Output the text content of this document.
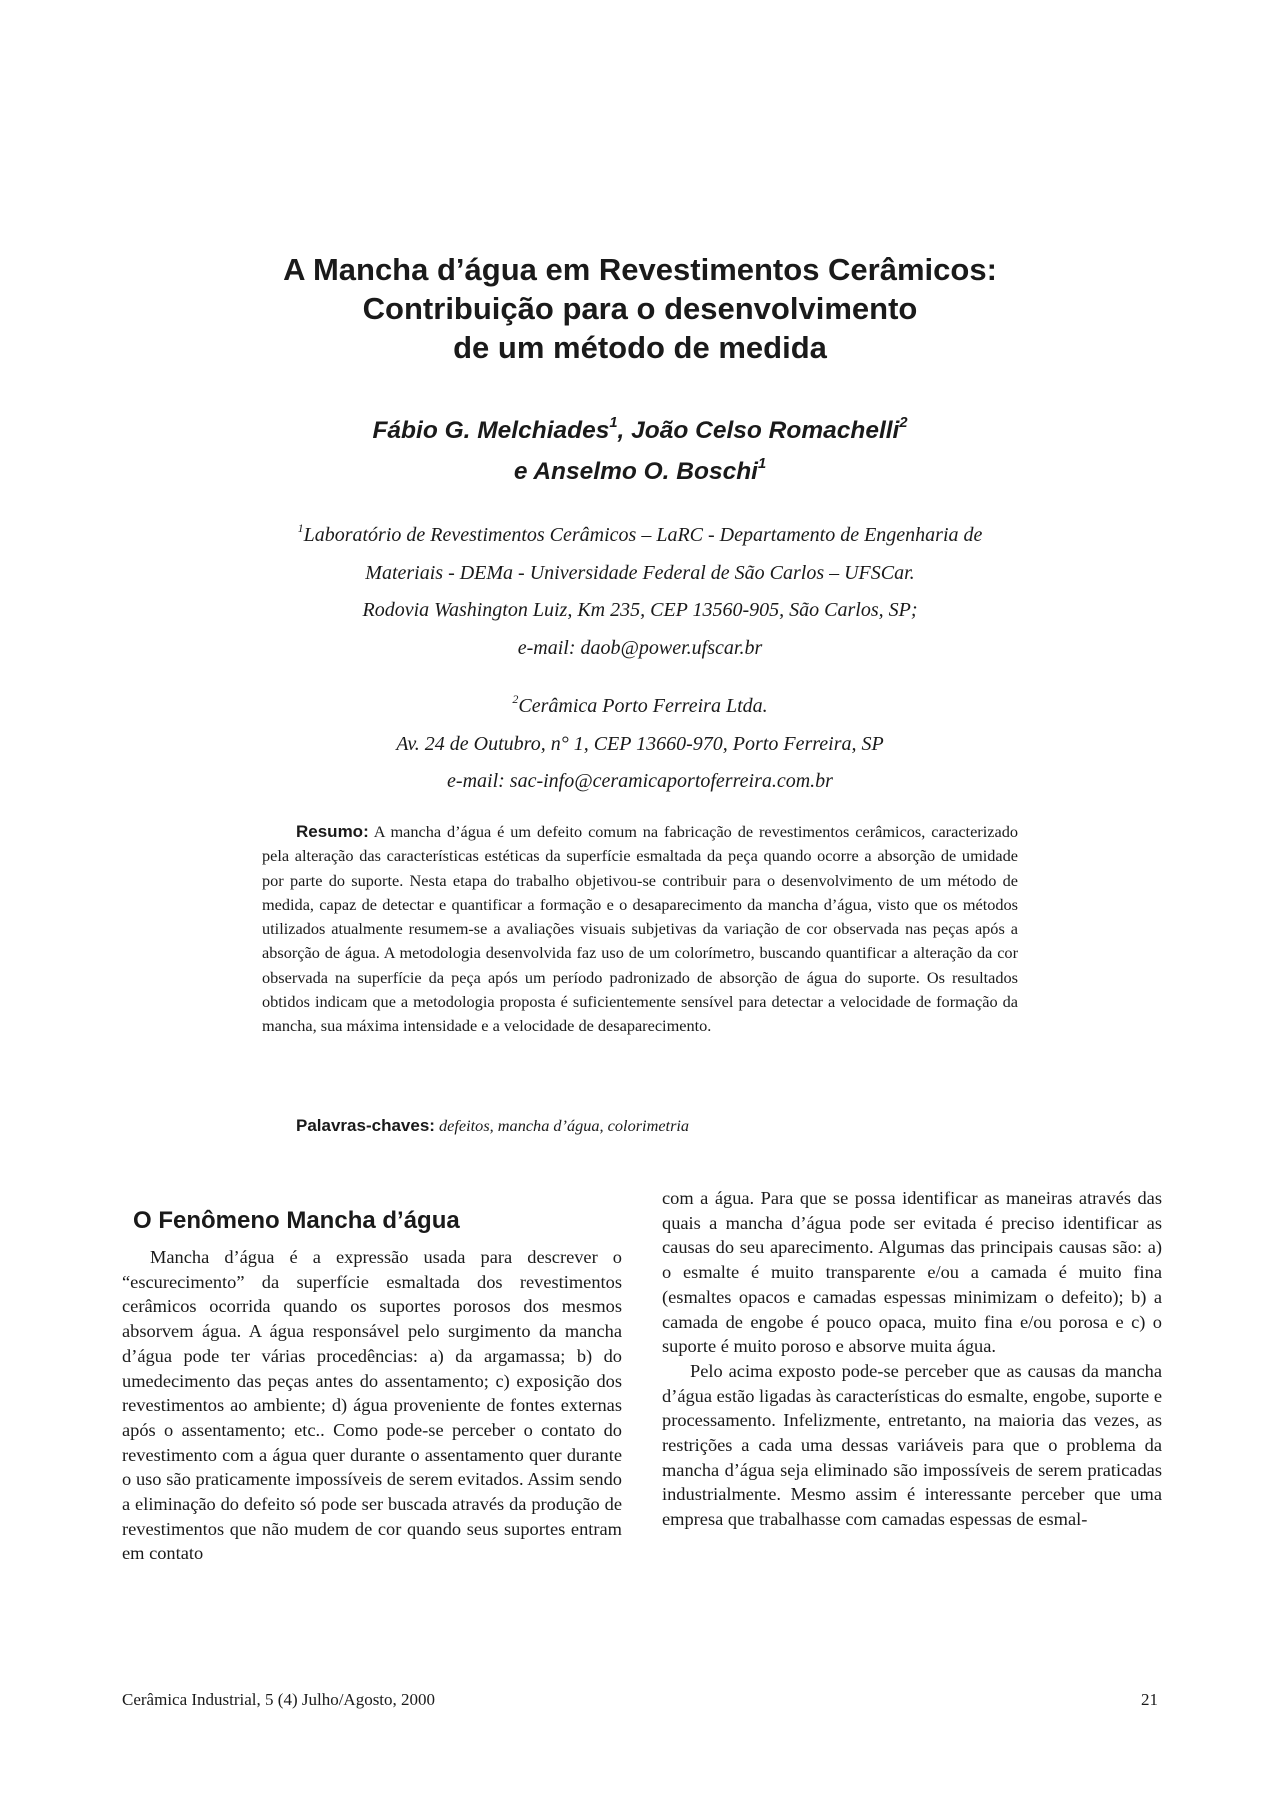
A Mancha d’água em Revestimentos Cerâmicos:
Contribuição para o desenvolvimento
de um método de medida
Fábio G. Melchiades$^1$, João Celso Romachelli$^2$
e Anselmo O. Boschi$^1$
$^1$Laboratório de Revestimentos Cerâmicos – LaRC - Departamento de Engenharia de
Materiais - DEMa - Universidade Federal de São Carlos – UFSCar.
Rodovia Washington Luiz, Km 235, CEP 13560-905, São Carlos, SP;
e-mail: daob@power.ufscar.br
$^2$Cerâmica Porto Ferreira Ltda.
Av. 24 de Outubro, n° 1, CEP 13660-970, Porto Ferreira, SP
e-mail: sac-info@ceramicaportoferreira.com.br
Resumo: A mancha d’água é um defeito comum na fabricação de revestimentos cerâmicos, caracterizado pela alteração das características estéticas da superfície esmaltada da peça quando ocorre a absorção de umidade por parte do suporte. Nesta etapa do trabalho objetivou-se contribuir para o desenvolvimento de um método de medida, capaz de detectar e quantificar a formação e o desaparecimento da mancha d’água, visto que os métodos utilizados atualmente resumem-se a avaliações visuais subjetivas da variação de cor observada nas peças após a absorção de água. A metodologia desenvolvida faz uso de um colorímetro, buscando quantificar a alteração da cor observada na superfície da peça após um período padronizado de absorção de água do suporte. Os resultados obtidos indicam que a metodologia proposta é suficientemente sensível para detectar a velocidade de formação da mancha, sua máxima intensidade e a velocidade de desaparecimento.
Palavras-chaves: defeitos, mancha d’água, colorimetria
O Fenômeno Mancha d’água

Mancha d’água é a expressão usada para descrever o “escurecimento” da superfície esmaltada dos revestimentos cerâmicos ocorrida quando os suportes porosos dos mesmos absorvem água. A água responsável pelo surgimento da mancha d’água pode ter várias procedências: a) da argamassa; b) do umedecimento das peças antes do assentamento; c) exposição dos revestimentos ao ambiente; d) água proveniente de fontes externas após o assentamento; etc.. Como pode-se perceber o contato do revestimento com a água quer durante o assentamento quer durante o uso são praticamente impossíveis de serem evitados. Assim sendo a eliminação do defeito só pode ser buscada através da produção de revestimentos que não mudem de cor quando seus suportes entram em contato

com a água. Para que se possa identificar as maneiras através das quais a mancha d’água pode ser evitada é preciso identificar as causas do seu aparecimento. Algumas das principais causas são: a) o esmalte é muito transparente e/ou a camada é muito fina (esmaltes opacos e camadas espessas minimizam o defeito); b) a camada de engobe é pouco opaca, muito fina e/ou porosa e c) o suporte é muito poroso e absorve muita água.

Pelo acima exposto pode-se perceber que as causas da mancha d’água estão ligadas às características do esmalte, engobe, suporte e processamento. Infelizmente, entretanto, na maioria das vezes, as restrições a cada uma dessas variáveis para que o problema da mancha d’água seja eliminado são impossíveis de serem praticadas industrialmente. Mesmo assim é interessante perceber que uma empresa que trabalhasse com camadas espessas de esmal-

Cerâmica Industrial, 5 (4) Julho/Agosto, 2000	21
